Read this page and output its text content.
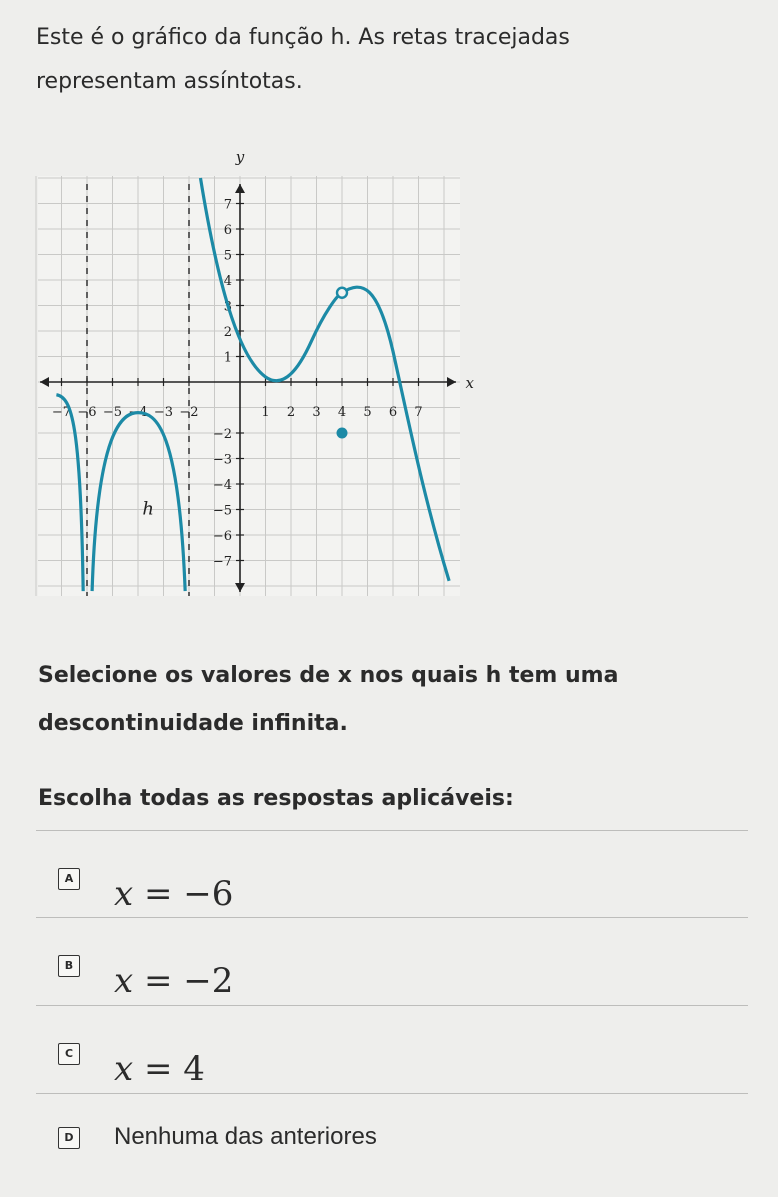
Este é o gráfico da função h. As retas tracejadas
representam assíntotas.
x
y
−7 −6 −5 −4 −3 −2	1 2 3 4 5 6 7
7
6
5
4
3
2
1
−2
−3
−4
−5
−6
−7
h
Selecione os valores de x nos quais h tem uma
descontinuidade infinita.
Escolha todas as respostas aplicáveis:
A x = −6
B x = −2
C x = 4
D Nenhuma das anteriores
